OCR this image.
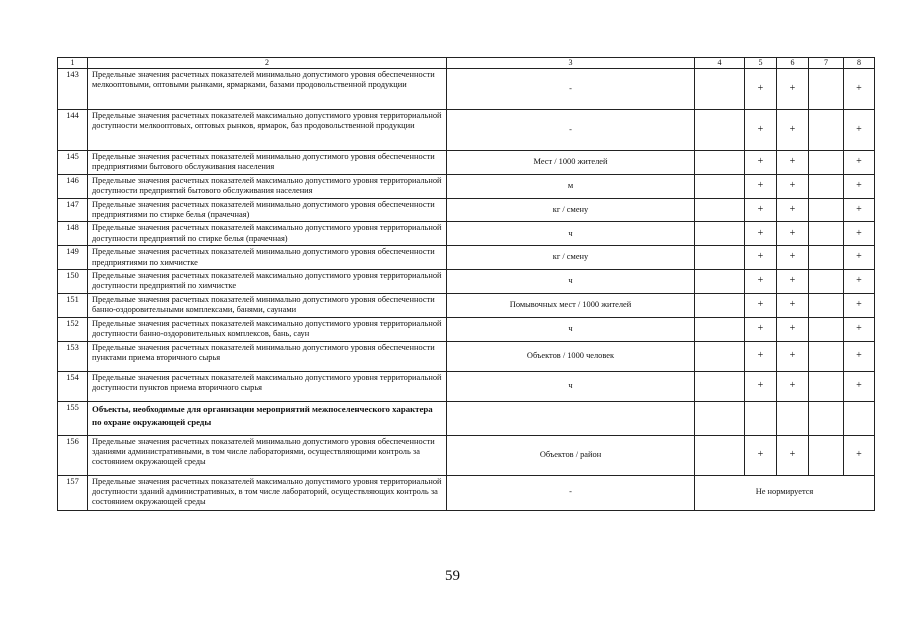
1	2	3	4	5	6	7	8
143	Предельные значения расчетных показателей минимально допустимого уровня обеспеченности мелкооптовыми, оптовыми рынками, ярмарками, базами продовольственной продукции	-		+	+		+
144	Предельные значения расчетных показателей максимально допустимого уровня территориальной доступности мелкооптовых, оптовых рынков, ярмарок, баз продовольственной продукции	-		+	+		+
145	Предельные значения расчетных показателей минимально допустимого уровня обеспеченности предприятиями бытового обслуживания населения	Мест / 1000 жителей		+	+		+
146	Предельные значения расчетных показателей максимально допустимого уровня территориальной доступности предприятий бытового обслуживания населения	м		+	+		+
147	Предельные значения расчетных показателей минимально допустимого уровня обеспеченности предприятиями по стирке белья (прачечная)	кг / смену		+	+		+
148	Предельные значения расчетных показателей максимально допустимого уровня территориальной доступности предприятий по стирке белья (прачечная)	ч		+	+		+
149	Предельные значения расчетных показателей минимально допустимого уровня обеспеченности предприятиями по химчистке	кг / смену		+	+		+
150	Предельные значения расчетных показателей максимально допустимого уровня территориальной доступности предприятий по химчистке	ч		+	+		+
151	Предельные значения расчетных показателей минимально допустимого уровня обеспеченности банно-оздоровительными комплексами, банями, саунами	Помывочных мест / 1000 жителей		+	+		+
152	Предельные значения расчетных показателей максимально допустимого уровня территориальной доступности банно-оздоровительных комплексов, бань, саун	ч		+	+		+
153	Предельные значения расчетных показателей минимально допустимого уровня обеспеченности пунктами приема вторичного сырья	Объектов / 1000 человек		+	+		+
154	Предельные значения расчетных показателей максимально допустимого уровня территориальной доступности пунктов приема вторичного сырья	ч		+	+		+
155	Объекты, необходимые для организации мероприятий межпоселенческого характера по охране окружающей среды						
156	Предельные значения расчетных показателей минимально допустимого уровня обеспеченности зданиями административными, в том числе лабораториями, осуществляющими контроль за состоянием окружающей среды	Объектов / район		+	+		+
157	Предельные значения расчетных показателей максимально допустимого уровня территориальной доступности зданий административных, в том числе лабораторий, осуществляющих контроль за состоянием окружающей среды	-	Не нормируется				
59
